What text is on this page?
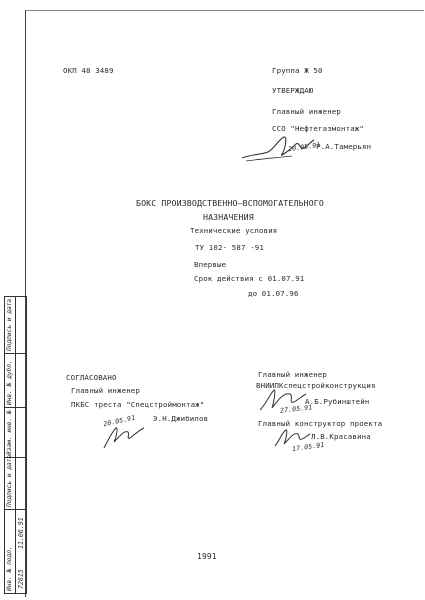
ОКП 48 3489	Группа Ж 50
УТВЕРЖДАЮ
Главный инженер
ССО "Нефтегазмонтаж"
Р.А.Тамерьян
20.05.91
БОКС ПРОИЗВОДСТВЕННО–ВСПОМОГАТЕЛЬНОГО
НАЗНАЧЕНИЯ
Технические условия
ТУ 102- 587 -91
Впервые
Срок действия с 01.07.91
до 01.07.96
СОГЛАСОВАНО
Главный инженер
ПКБС треста "Спецстроймонтаж"
Э.Н.Джибилов
20.05.91
Главный инженер
ВНИИПКспецстройконструкция
А.Б.Рубинштейн
27.05.91
Главный конструктор проекта
Л.В.Красавина
17.05.91
1991
Инв. № подл.
Подпись и дата
Взам. инв. №
Инв. № дубл.
Подпись и дата
72615
11.06.91
